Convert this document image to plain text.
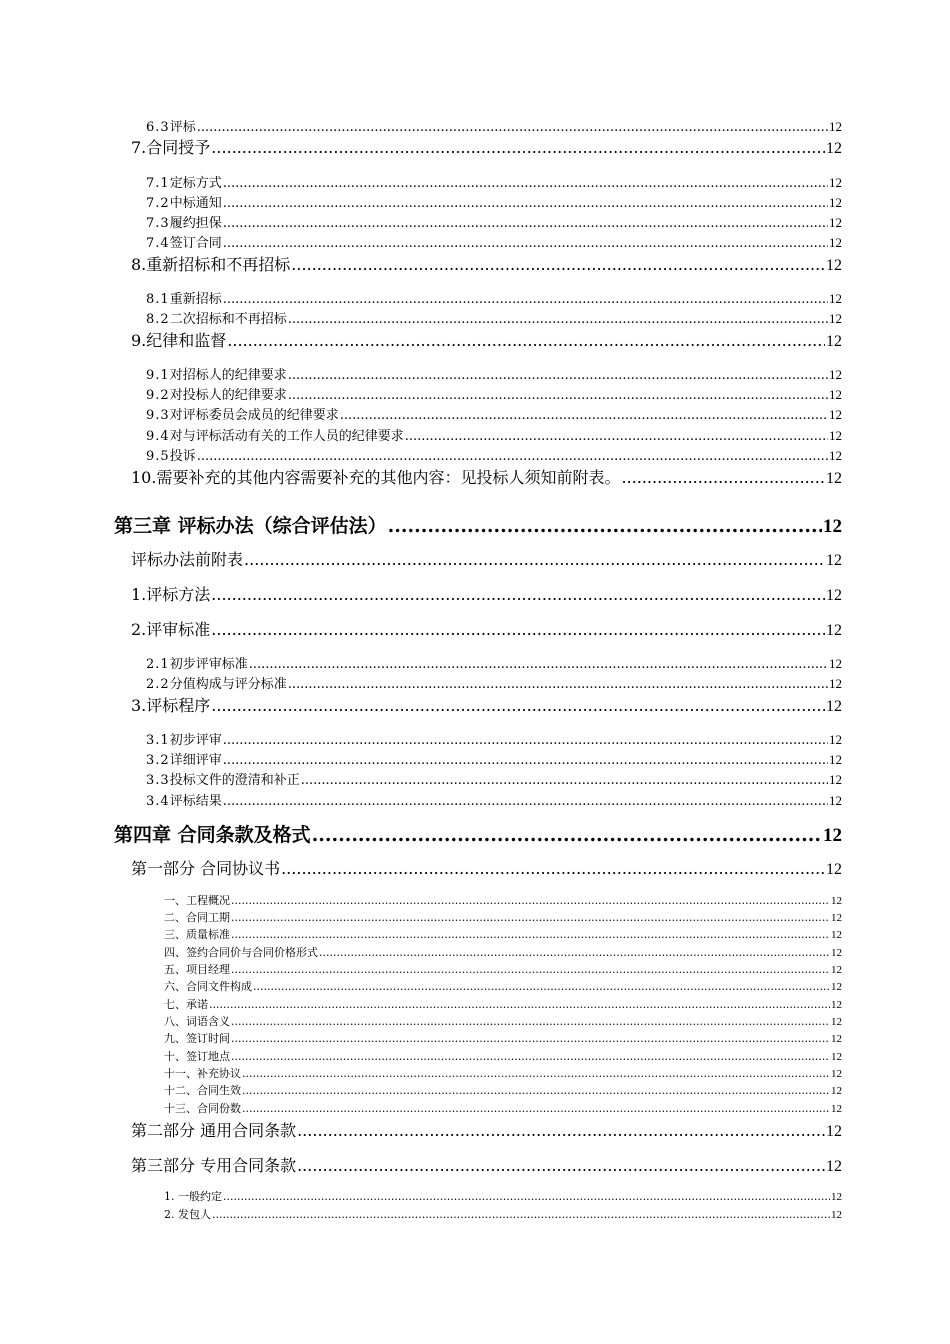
6.3 评标 .....	12
7. 合同授予 .....	12
7.1 定标方式 .....	12
7.2 中标通知 .....	12
7.3 履约担保 .....	12
7.4 签订合同 .....	12
8. 重新招标和不再招标 .....	12
8.1 重新招标 .....	12
8.2 二次招标和不再招标 .....	12
9. 纪律和监督 .....	12
9.1 对招标人的纪律要求 .....	12
9.2 对投标人的纪律要求 .....	12
9.3 对评标委员会成员的纪律要求 .....	12
9.4 对与评标活动有关的工作人员的纪律要求 .....	12
9.5 投诉 .....	12
10. 需要补充的其他内容需要补充的其他内容：见投标人须知前附表。 .....	12
第三章 评标办法（综合评估法） .....	12
评标办法前附表 .....	12
1. 评标方法 .....	12
2. 评审标准 .....	12
2.1 初步评审标准 .....	12
2.2 分值构成与评分标准 .....	12
3. 评标程序 .....	12
3.1 初步评审 .....	12
3.2 详细评审 .....	12
3.3 投标文件的澄清和补正 .....	12
3.4 评标结果 .....	12
第四章 合同条款及格式 .....	12
第一部分 合同协议书 .....	12
一、工程概况 .....	12
二、合同工期 .....	12
三、质量标准 .....	12
四、签约合同价与合同价格形式 .....	12
五、项目经理 .....	12
六、合同文件构成 .....	12
七、承诺 .....	12
八、词语含义 .....	12
九、签订时间 .....	12
十、签订地点 .....	12
十一、补充协议 .....	12
十二、合同生效 .....	12
十三、合同份数 .....	12
第二部分 通用合同条款 .....	12
第三部分 专用合同条款 .....	12
1. 一般约定 .....	12
2. 发包人 .....	12
